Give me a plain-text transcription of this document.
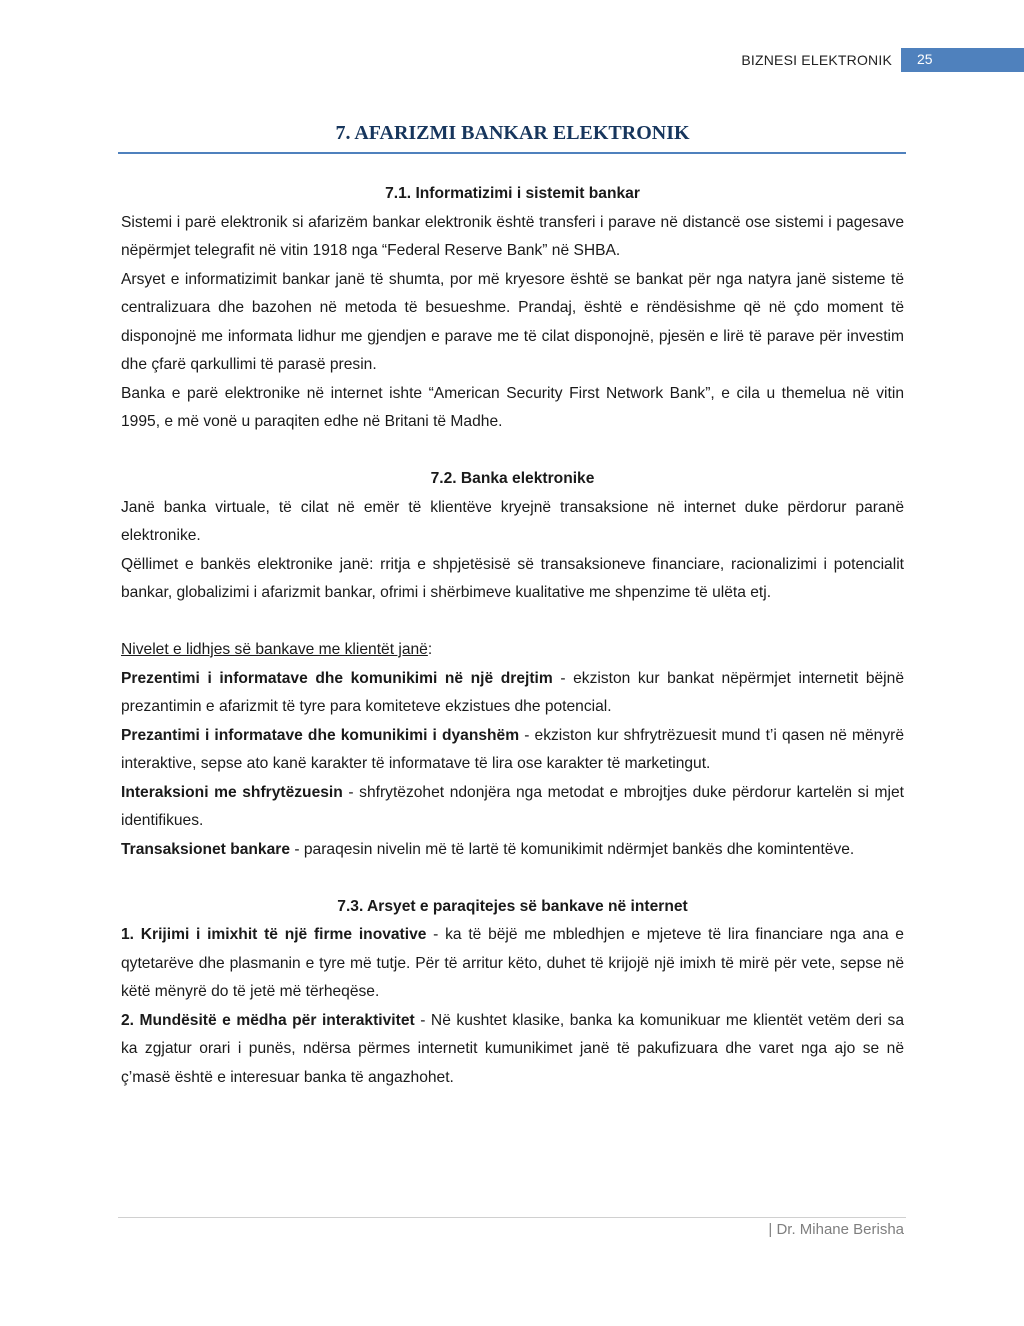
BIZNESI ELEKTRONIK	25
7. AFARIZMI BANKAR ELEKTRONIK

7.1. Informatizimi i sistemit bankar

Sistemi i parë elektronik si afarizëm bankar elektronik është transferi i parave në distancë ose sistemi i pagesave nëpërmjet telegrafit në vitin 1918 nga “Federal Reserve Bank” në SHBA.

Arsyet e informatizimit bankar janë të shumta, por më kryesore është se bankat për nga natyra janë sisteme të centralizuara dhe bazohen në metoda të besueshme. Prandaj, është e rëndësishme që në çdo moment të disponojnë me informata lidhur me gjendjen e parave me të cilat disponojnë, pjesën e lirë të parave për investim dhe çfarë qarkullimi të parasë presin.

Banka e parë elektronike në internet ishte “American Security First Network Bank”, e cila u themelua në vitin 1995, e më vonë u paraqiten edhe në Britani të Madhe.

7.2. Banka elektronike

Janë banka virtuale, të cilat në emër të klientëve kryejnë transaksione në internet duke përdorur paranë elektronike.

Qëllimet e bankës elektronike janë: rritja e shpjetësisë së transaksioneve financiare, racionalizimi i potencialit bankar, globalizimi i afarizmit bankar, ofrimi i shërbimeve kualitative me shpenzime të ulëta etj.

Nivelet e lidhjes së bankave me klientët janë:

Prezentimi i informatave dhe komunikimi në një drejtim - ekziston kur bankat nëpërmjet internetit bëjnë prezantimin e afarizmit të tyre para komiteteve ekzistues dhe potencial.

Prezantimi i informatave dhe komunikimi i dyanshëm - ekziston kur shfrytrëzuesit mund t’i qasen në mënyrë interaktive, sepse ato kanë karakter të informatave të lira ose karakter të marketingut.

Interaksioni me shfrytëzuesin - shfrytëzohet ndonjëra nga metodat e mbrojtjes duke përdorur kartelën si mjet identifikues.

Transaksionet bankare - paraqesin nivelin më të lartë të komunikimit ndërmjet bankës dhe komintentëve.

7.3. Arsyet e paraqitejes së bankave në internet

1. Krijimi i imixhit të një firme inovative - ka të bëjë me mbledhjen e mjeteve të lira financiare nga ana e qytetarëve dhe plasmanin e tyre më tutje. Për të arritur këto, duhet të krijojë një imixh të mirë për vete, sepse në këtë mënyrë do të jetë më tërheqëse.

2. Mundësitë e mëdha për interaktivitet - Në kushtet klasike, banka ka komunikuar me klientët vetëm deri sa ka zgjatur orari i punës, ndërsa përmes internetit kumunikimet janë të pakufizuara dhe varet nga ajo se në ç’masë është e interesuar banka të angazhohet.

| Dr. Mihane Berisha
